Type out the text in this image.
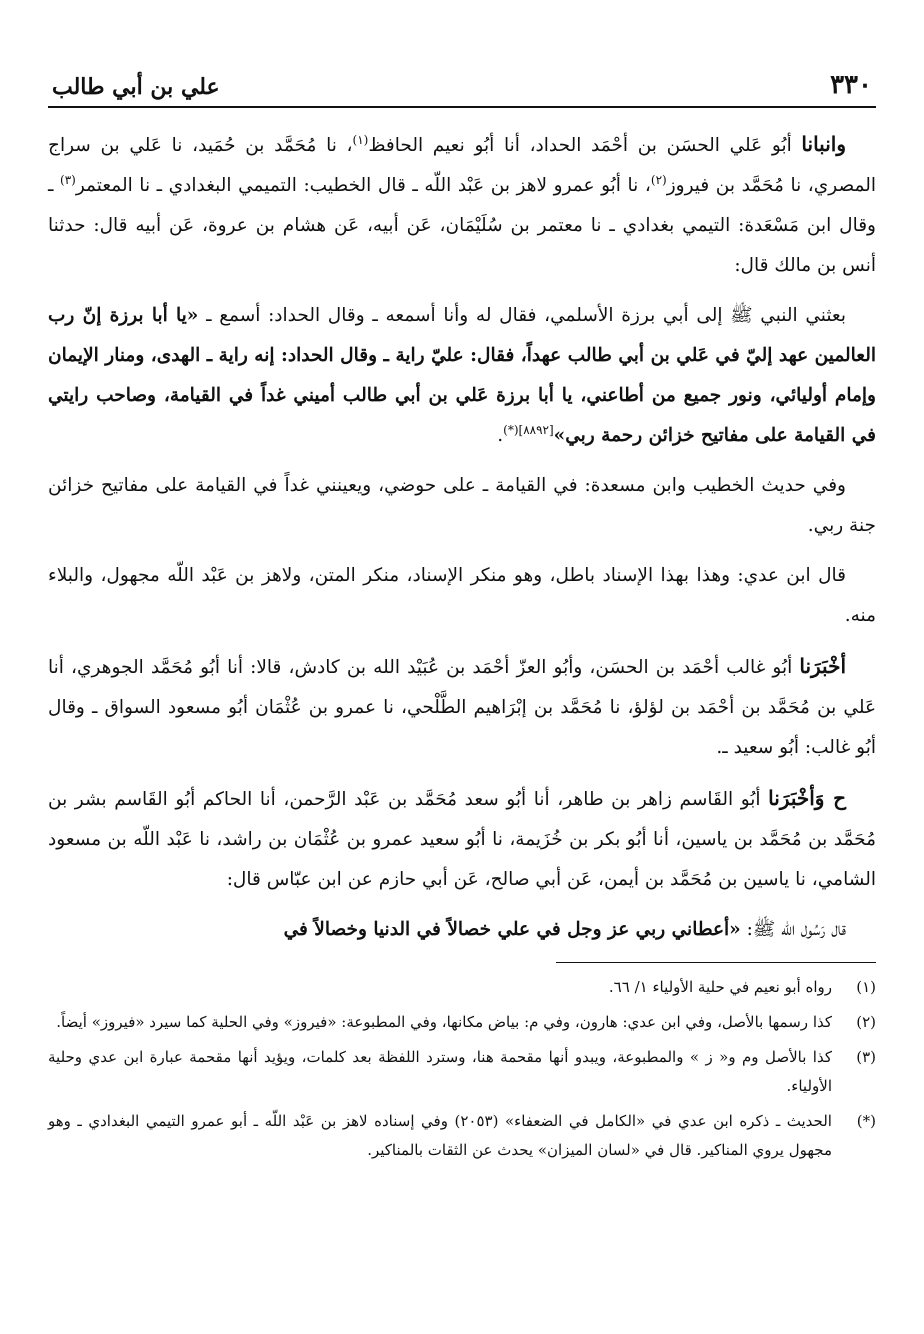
٣٣٠
علي بن أبي طالب

وانبانا أبُو عَلي الحسَن بن أحْمَد الحداد، أنا أبُو نعيم الحافظ$^{(١)}$، نا مُحَمَّد بن حُمَيد، نا عَلي بن سراج المصري، نا مُحَمَّد بن فيروز$^{(٢)}$، نا أبُو عمرو لاهز بن عَبْد اللّه ـ قال الخطيب: التميمي البغدادي ـ نا المعتمر$^{(٣)}$ ـ وقال ابن مَسْعَدة: التيمي بغدادي ـ نا معتمر بن سُلَيْمَان، عَن أبيه، عَن هشام بن عروة، عَن أبيه قال: حدثنا أنس بن مالك قال:

بعثني النبي ﷺ إلى أبي برزة الأسلمي، فقال له وأنا أسمعه ـ وقال الحداد: أسمع ـ «يا أبا برزة إنّ رب العالمين عهد إليّ في عَلي بن أبي طالب عهداً، فقال: عليّ راية ـ وقال الحداد: إنه راية ـ الهدى، ومنار الإيمان وإمام أوليائي، ونور جميع من أطاعني، يا أبا برزة عَلي بن أبي طالب أميني غداً في القيامة، وصاحب رايتي في القيامة على مفاتيح خزائن رحمة ربي»$^{[٨٨٩٢](*)}$.

وفي حديث الخطيب وابن مسعدة: في القيامة ـ على حوضي، ويعينني غداً في القيامة على مفاتيح خزائن جنة ربي.

قال ابن عدي: وهذا بهذا الإسناد باطل، وهو منكر الإسناد، منكر المتن، ولاهز بن عَبْد اللّه مجهول، والبلاء منه.

أخْبَرَنا أبُو غالب أحْمَد بن الحسَن، وأبُو العزّ أحْمَد بن عُبَيْد الله بن كادش، قالا: أنا أبُو مُحَمَّد الجوهري، أنا عَلي بن مُحَمَّد بن أحْمَد بن لؤلؤ، نا مُحَمَّد بن إبْرَاهيم الطَّلْحي، نا عمرو بن عُثْمَان أبُو مسعود السواق ـ وقال أبُو غالب: أبُو سعيد ـ.

ح وَأخْبَرَنا أبُو القَاسم زاهر بن طاهر، أنا أبُو سعد مُحَمَّد بن عَبْد الرَّحمن، أنا الحاكم أبُو القَاسم بشر بن مُحَمَّد بن مُحَمَّد بن ياسين، أنا أبُو بكر بن خُزَيمة، نا أبُو سعيد عمرو بن عُثْمَان بن راشد، نا عَبْد اللّه بن مسعود الشامي، نا ياسين بن مُحَمَّد بن أيمن، عَن أبي صالح، عَن أبي حازم عن ابن عبّاس قال:

قال رَسُول الله ﷺ: «أعطاني ربي عز وجل في علي خصالاً في الدنيا وخصالاً في

(١)
رواه أبو نعيم في حلية الأولياء ١/ ٦٦.
(٢)
كذا رسمها بالأصل، وفي ابن عدي: هارون، وفي م: بياض مكانها، وفي المطبوعة: «فيروز» وفي الحلية كما سيرد «فيروز» أيضاً.
(٣)
كذا بالأصل وم و« ز » والمطبوعة، ويبدو أنها مقحمة هنا، وسترد اللفظة بعد كلمات، ويؤيد أنها مقحمة عبارة ابن عدي وحلية الأولياء.
(*)
الحديث ـ ذكره ابن عدي في «الكامل في الضعفاء» (٢٠٥٣) وفي إسناده لاهز بن عَبْد اللّه ـ أبو عمرو التيمي البغدادي ـ وهو مجهول يروي المناكير. قال في «لسان الميزان» يحدث عن الثقات بالمناكير.
